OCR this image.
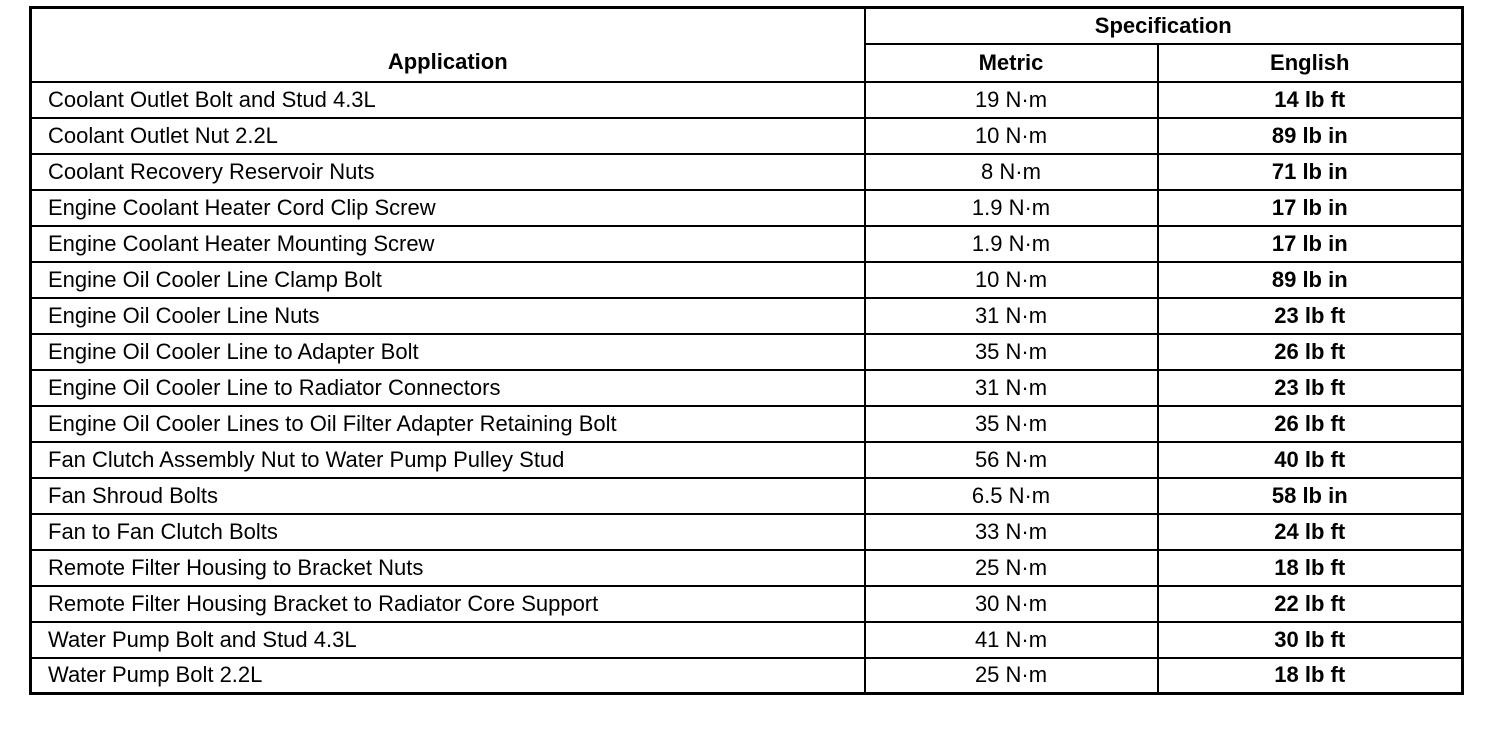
Application	Specification	
	Metric	English
Coolant Outlet Bolt and Stud 4.3L	19 N·m	14 lb ft
Coolant Outlet Nut 2.2L	10 N·m	89 lb in
Coolant Recovery Reservoir Nuts	8 N·m	71 lb in
Engine Coolant Heater Cord Clip Screw	1.9 N·m	17 lb in
Engine Coolant Heater Mounting Screw	1.9 N·m	17 lb in
Engine Oil Cooler Line Clamp Bolt	10 N·m	89 lb in
Engine Oil Cooler Line Nuts	31 N·m	23 lb ft
Engine Oil Cooler Line to Adapter Bolt	35 N·m	26 lb ft
Engine Oil Cooler Line to Radiator Connectors	31 N·m	23 lb ft
Engine Oil Cooler Lines to Oil Filter Adapter Retaining Bolt	35 N·m	26 lb ft
Fan Clutch Assembly Nut to Water Pump Pulley Stud	56 N·m	40 lb ft
Fan Shroud Bolts	6.5 N·m	58 lb in
Fan to Fan Clutch Bolts	33 N·m	24 lb ft
Remote Filter Housing to Bracket Nuts	25 N·m	18 lb ft
Remote Filter Housing Bracket to Radiator Core Support	30 N·m	22 lb ft
Water Pump Bolt and Stud 4.3L	41 N·m	30 lb ft
Water Pump Bolt 2.2L	25 N·m	18 lb ft
